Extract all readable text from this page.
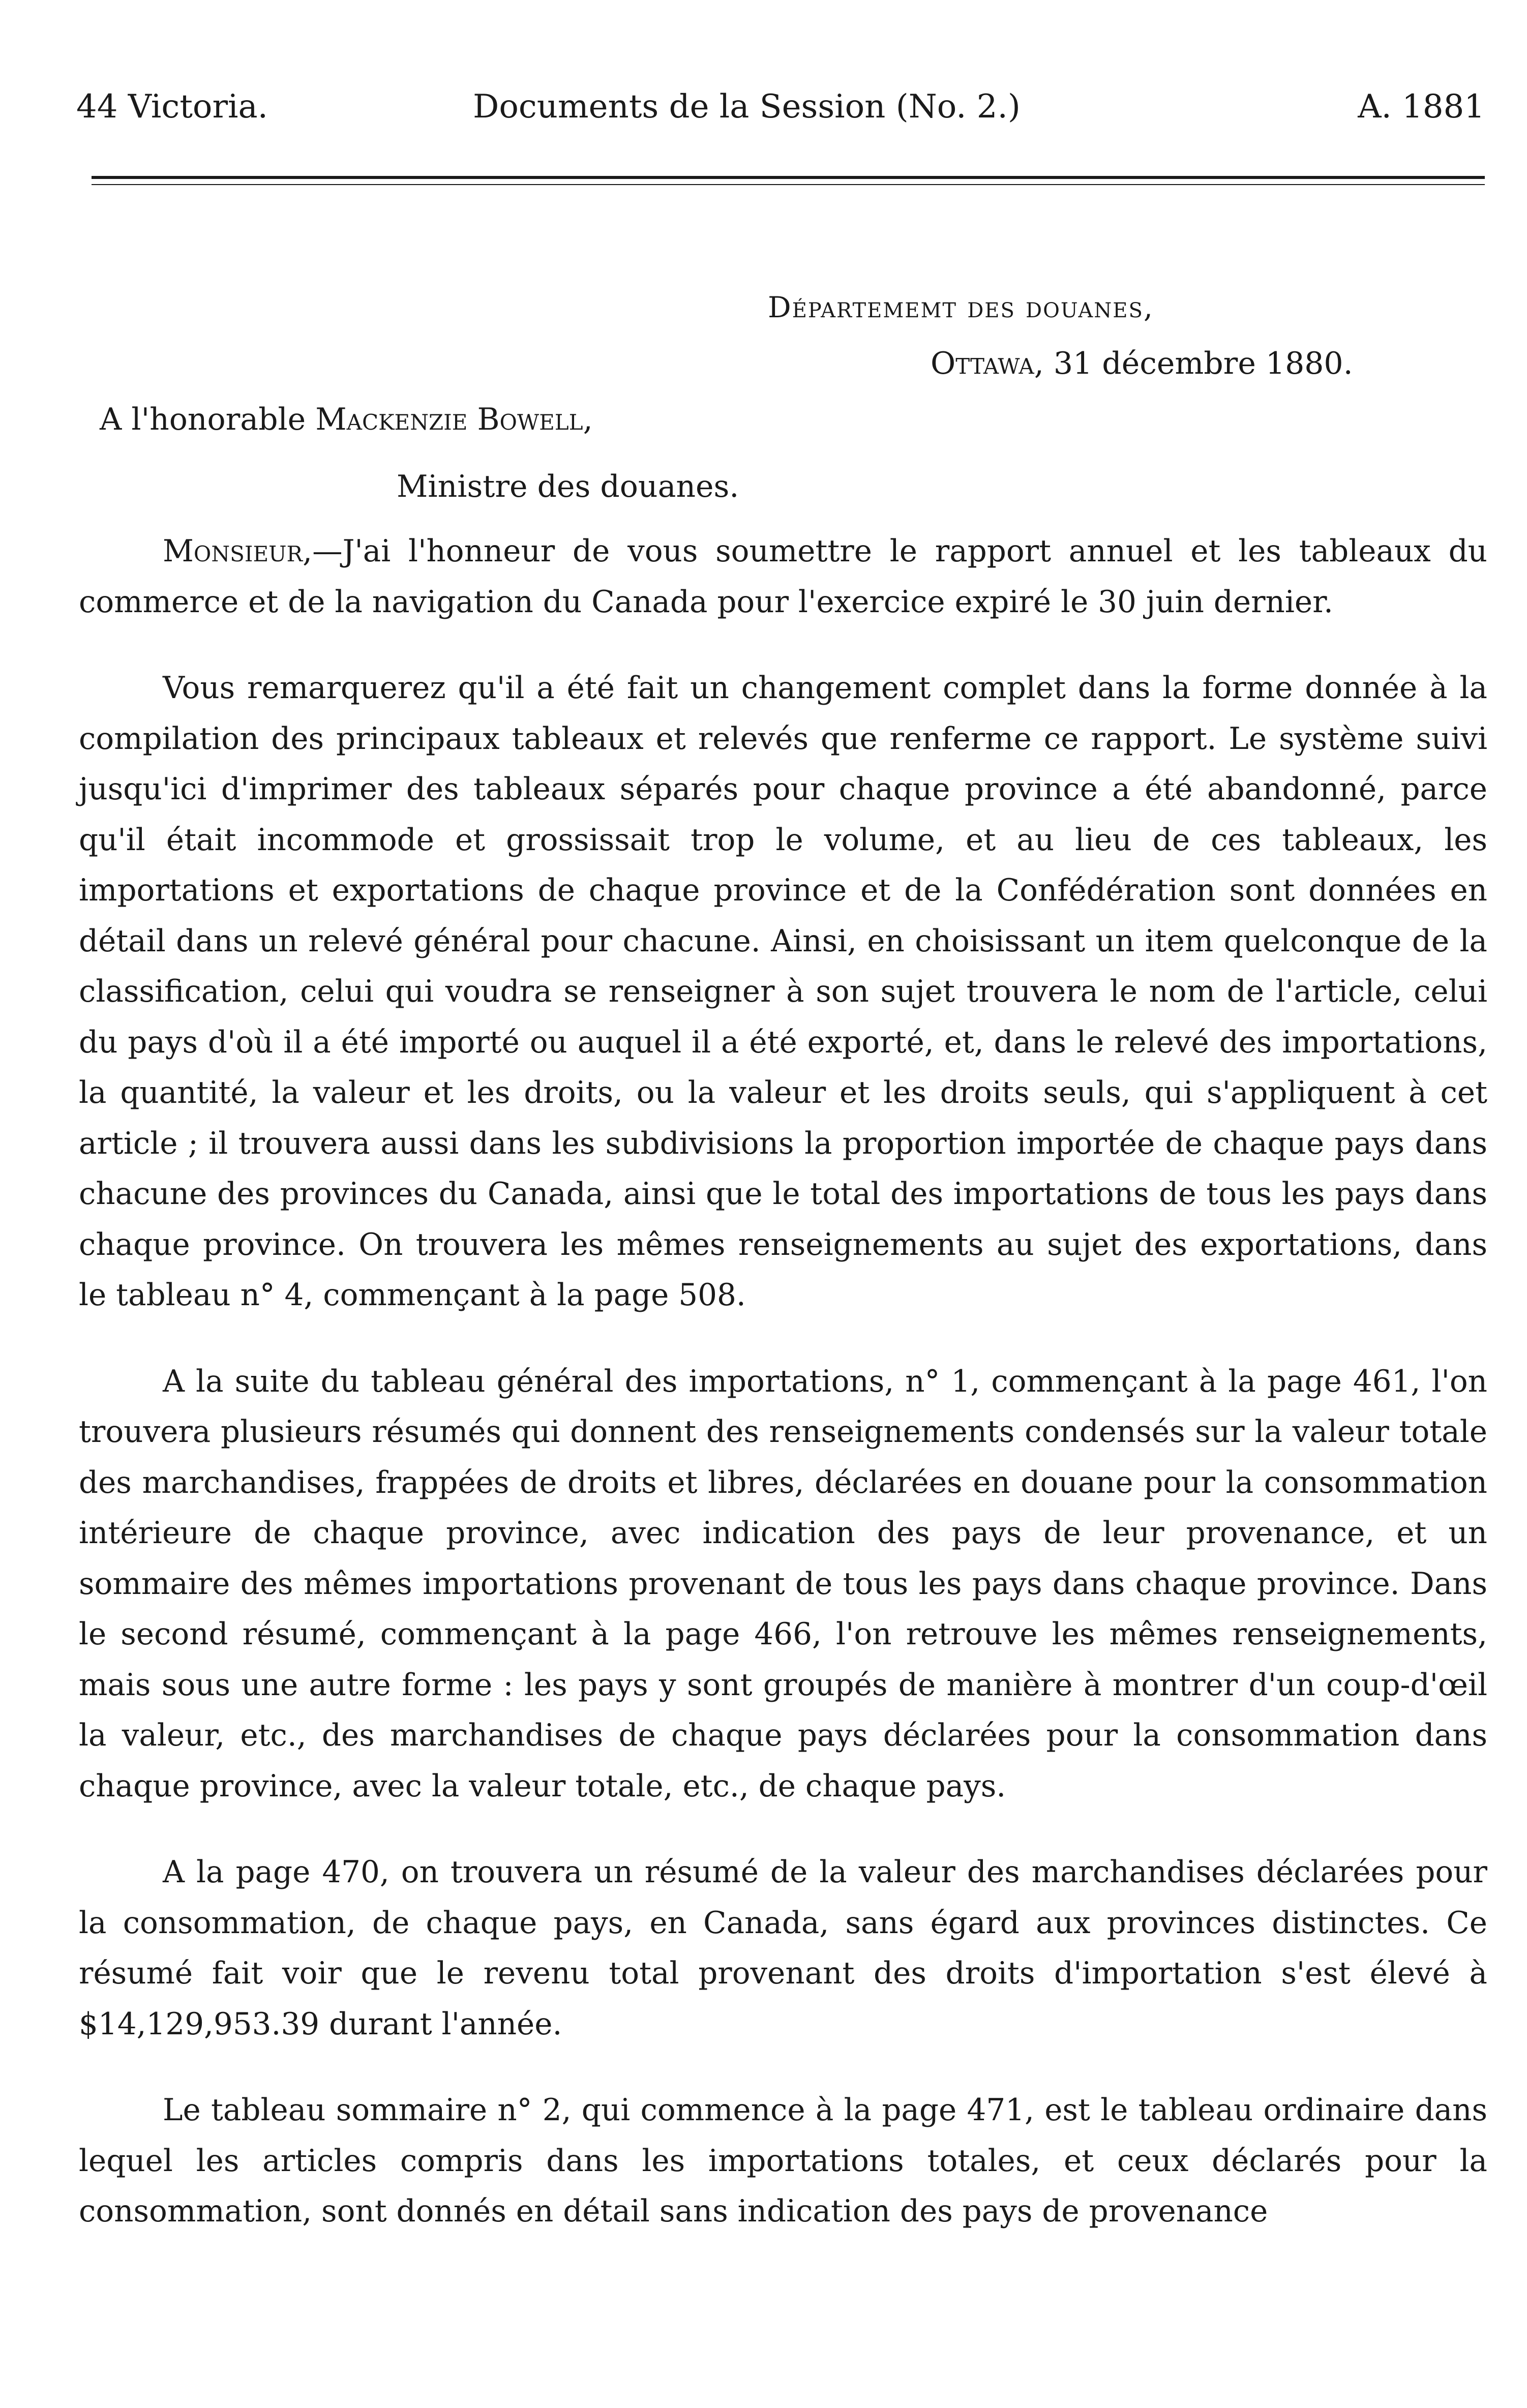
44 Victoria.	Documents de la Session (No. 2.)	A. 1881
Départememt des douanes,
Ottawa, 31 décembre 1880.
A l'honorable Mackenzie Bowell,
Ministre des douanes.

Monsieur,—J'ai l'honneur de vous soumettre le rapport annuel et les tableaux du commerce et de la navigation du Canada pour l'exercice expiré le 30 juin dernier.

Vous remarquerez qu'il a été fait un changement complet dans la forme donnée à la compilation des principaux tableaux et relevés que renferme ce rapport. Le système suivi jusqu'ici d'imprimer des tableaux séparés pour chaque province a été abandonné, parce qu'il était incommode et grossissait trop le volume, et au lieu de ces tableaux, les importations et exportations de chaque province et de la Confédération sont données en détail dans un relevé général pour chacune. Ainsi, en choisissant un item quelconque de la classification, celui qui voudra se renseigner à son sujet trouvera le nom de l'article, celui du pays d'où il a été importé ou auquel il a été exporté, et, dans le relevé des importations, la quantité, la valeur et les droits, ou la valeur et les droits seuls, qui s'appliquent à cet article ; il trouvera aussi dans les subdivisions la proportion importée de chaque pays dans chacune des provinces du Canada, ainsi que le total des importations de tous les pays dans chaque province. On trouvera les mêmes renseignements au sujet des exportations, dans le tableau n° 4, commençant à la page 508.

A la suite du tableau général des importations, n° 1, commençant à la page 461, l'on trouvera plusieurs résumés qui donnent des renseignements condensés sur la valeur totale des marchandises, frappées de droits et libres, déclarées en douane pour la consommation intérieure de chaque province, avec indication des pays de leur provenance, et un sommaire des mêmes importations provenant de tous les pays dans chaque province. Dans le second résumé, commençant à la page 466, l'on retrouve les mêmes renseignements, mais sous une autre forme : les pays y sont groupés de manière à montrer d'un coup-d'œil la valeur, etc., des marchandises de chaque pays déclarées pour la consommation dans chaque province, avec la valeur totale, etc., de chaque pays.

A la page 470, on trouvera un résumé de la valeur des marchandises déclarées pour la consommation, de chaque pays, en Canada, sans égard aux provinces distinctes. Ce résumé fait voir que le revenu total provenant des droits d'importation s'est élevé à $14,129,953.39 durant l'année.

Le tableau sommaire n° 2, qui commence à la page 471, est le tableau ordinaire dans lequel les articles compris dans les importations totales, et ceux déclarés pour la consommation, sont donnés en détail sans indication des pays de provenance
